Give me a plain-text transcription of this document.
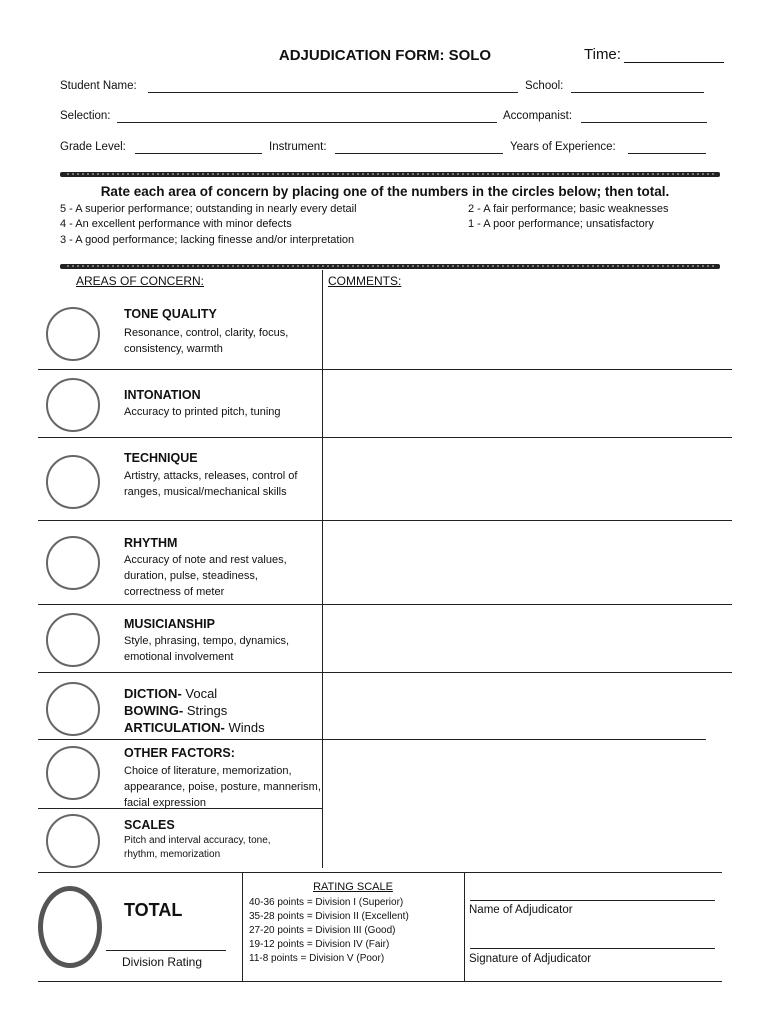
ADJUDICATION FORM: SOLO	Time:
Student Name:	School:
Selection:	Accompanist:
Grade Level:	Instrument:	Years of Experience:
Rate each area of concern by placing one of the numbers in the circles below; then total.
5 - A superior performance; outstanding in nearly every detail
4 - An excellent performance with minor defects
3 - A good performance; lacking finesse and/or interpretation
2 - A fair performance; basic weaknesses
1 - A poor performance; unsatisfactory
AREAS OF CONCERN:	COMMENTS:
TONE QUALITY
Resonance, control, clarity, focus, consistency, warmth
INTONATION
Accuracy to printed pitch, tuning
TECHNIQUE
Artistry, attacks, releases, control of ranges, musical/mechanical skills
RHYTHM
Accuracy of note and rest values, duration, pulse, steadiness, correctness of meter
MUSICIANSHIP
Style, phrasing, tempo, dynamics, emotional involvement
DICTION- Vocal
BOWING- Strings
ARTICULATION- Winds
OTHER FACTORS:
Choice of literature, memorization, appearance, poise, posture, mannerism, facial expression
SCALES
Pitch and interval accuracy, tone, rhythm, memorization
TOTAL
Division Rating
RATING SCALE
40-36 points = Division I (Superior)
35-28 points = Division II (Excellent)
27-20 points = Division III (Good)
19-12 points = Division IV (Fair)
11-8 points = Division V (Poor)
Name of Adjudicator
Signature of Adjudicator
